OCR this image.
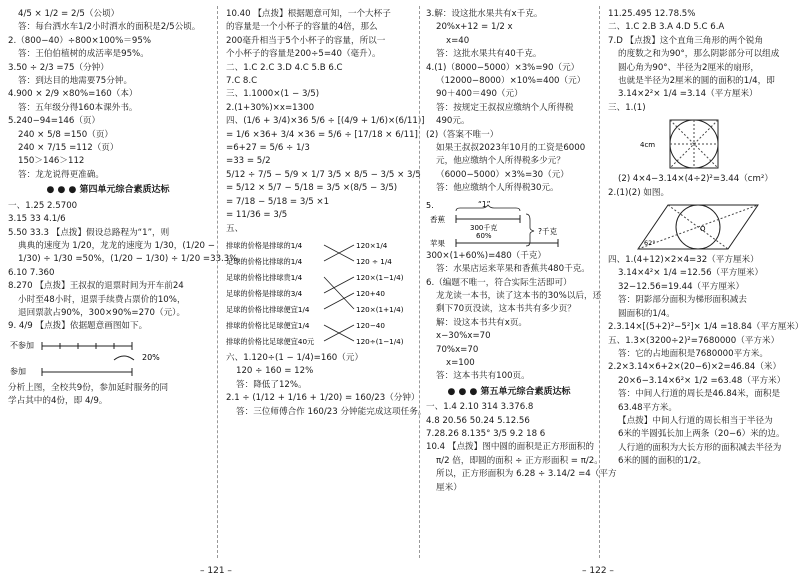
4/5 × 1/2 = 2/5（公顷）
答：每台洒水车1/2小时洒水的面积是2/5公顷。
2.（800−40）÷800×100%＝95%
答：王伯伯植树的成活率是95%。
3.50 ÷ 2/3 =75（分钟）
答：到达目的地需要75分钟。
4.900 × 2/9 ×80%=160（本）
答：五年级分得160本课外书。
5.240−94=146（页）
240 × 5/8 =150（页）
240 × 7/15 =112（页）
150＞146＞112
答：龙龙说得更准确。
● ● ● 第四单元综合素质达标
一、1.25 2.5700
3.15 33 4.1/6
5.50 33.3 【点拨】假设总路程为“1”，则
典典的速度为 1/20，龙龙的速度为 1/30，(1/20 −
1/30) ÷ 1/30 =50%，(1/20 − 1/30) ÷ 1/20 =33.3%。
6.10 7.360
8.270 【点拨】王叔叔的退票时间为开车前24
小时至48小时，退票手续费占票价的10%，
退回票款占90%，300×90%=270（元）。
9. 4/9 【点拨】依据题意画图如下。
不参加
20%
参加
分析上图，全校共9份，参加延时服务的同
学占其中的4份，即 4/9。
10.40 【点拨】根据题意可知，一个大杯子
的容量是一个小杯子的容量的4倍，那么
200毫升相当于5个小杯子的容量，所以一
个小杯子的容量是200÷5=40（毫升）。
二、1.C 2.C 3.D 4.C 5.B 6.C
7.C 8.C
三、1.1000×(1 − 3/5)
2.(1+30%)×x=1300
四、(1/6 + 3/4)×36 5/6 ÷ [(4/9 + 1/6)×(6/11)]
= 1/6 ×36+ 3/4 ×36 = 5/6 ÷ [17/18 × 6/11]
=6+27 = 5/6 ÷ 1/3
=33 = 5/2
5/12 ÷ 7/5 − 5/9 × 1/7 3/5 × 8/5 − 3/5 × 3/5
= 5/12 × 5/7 − 5/18 = 3/5 ×(8/5 − 3/5)
= 7/18 − 5/18 = 3/5 ×1
= 11/36 = 3/5
五、
排球的价格是排球的1/4
足球的价格比排球的1/4
足球的价格比排球贵1/4
足球的价格是排球的3/4
足球的价格比排球便宜1/4
排球的价格比足球便宜1/4
排球的价格比足球便宜40元
120×1/4
120 ÷ 1/4
120×(1−1/4)
120+40
120×(1+1/4)
120−40
120÷(1−1/4)
六、1.120÷(1 − 1/4)=160（元）
120 ÷ 160 = 12%
答：降低了12%。
2.1 ÷ (1/12 + 1/16 + 1/20) = 160/23（分钟）
答：三位师傅合作 160/23 分钟能完成这项任务。
3.解：设这批水果共有x千克。
20%x+12 = 1/2 x
x=40
答：这批水果共有40千克。
4.(1)（8000−5000）×3%=90（元）
（12000−8000）×10%=400（元）
90＋400＝490（元）
答：按规定王叔叔应缴纳个人所得税
490元。
(2)（答案不唯一）
如果王叔叔2023年10月的工资是6000
元，他应缴纳个人所得税多少元？
（6000−5000）×3%=30（元）
答：他应缴纳个人所得税30元。
5.	“1”
香蕉
300千克
60%
苹果
?千克
300×(1+60%)=480（千克）
答：水果店运来苹果和香蕉共480千克。
6.（编题不唯一，符合实际生活即可）
龙龙读一本书，读了这本书的30%以后，还
剩下70页没读，这本书共有多少页？
解：设这本书共有x页。
x−30%x=70
70%x=70
x=100
答：这本书共有100页。
● ● ● 第五单元综合素质达标
一、1.4 2.10 314 3.376.8
4.8 20.56 50.24 5.12.56
7.28.26 8.135° 3/5 9.2 18 6
10.4 【点拨】图中圆的面积是正方形面积的
π/2 倍，即圆的面积 ÷ 正方形面积 = π/2。
所以，正方形面积为 6.28 ÷ 3.14/2 =4（平方
厘米）
11.25.495 12.78.5%
二、1.C 2.B 3.A 4.D 5.C 6.A
7.D 【点拨】这个直角三角形的两个锐角
的度数之和为90°，那么阴影部分可以组成
圆心角为90°、半径为2厘米的扇形，
也就是半径为2厘米的圆的面积的1/4，即
3.14×2²× 1/4 =3.14（平方厘米）
三、1.(1)
4cm
(2) 4×4−3.14×(4÷2)²=3.44（cm²）
2.(1)(2) 如图。
O
62°
四、1.(4+12)×2×4=32（平方厘米）
3.14×4²× 1/4 =12.56（平方厘米）
32−12.56=19.44（平方厘米）
答：阴影部分面积为梯形面积减去
圆面积的1/4。
2.3.14×[(5+2)²−5²]× 1/4 =18.84（平方厘米）
五、1.3×(3200÷2)²=7680000（平方米）
答：它的占地面积是7680000平方米。
2.2×3.14×6+2×(20−6)×2=46.84（米）
20×6−3.14×6²× 1/2 =63.48（平方米）
答：中间人行道的周长是46.84米，面积是
63.48平方米。
【点拨】中间人行道的周长相当于半径为
6米的半圆弧长加上两条（20−6）米的边。
人行道的面积为大长方形的面积减去半径为
6米的圆的面积的1/2。
– 121 –	– 122 –
